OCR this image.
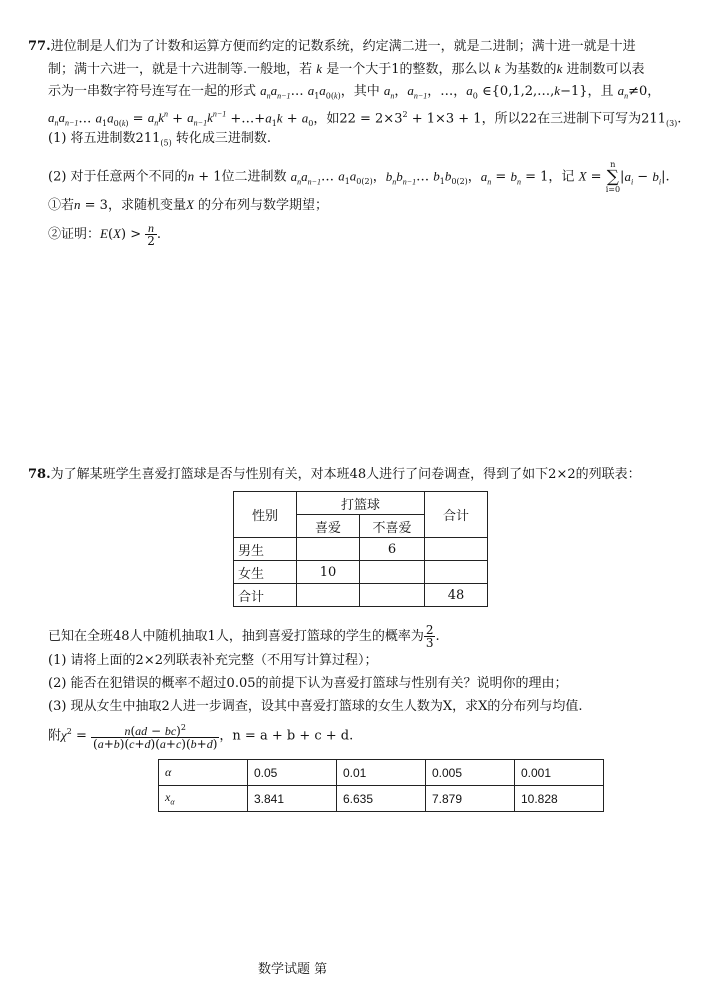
77.进位制是人们为了计数和运算方便而约定的记数系统，约定满二进一，就是二进制；满十进一就是十进
制；满十六进一，就是十六进制等.一般地，若 k 是一个大于1的整数，那么以 k 为基数的k 进制数可以表
示为一串数字符号连写在一起的形式 $a_na_{n-1}\dots$ $a_1a_{0(k)}$，其中 $a_n$，$a_{n-1}$，…，$a_0$ ∈{0,1,2,…,k−1}，且 $a_n\ne 0$，
$a_na_{n-1}\dots$ $a_1a_{0(k)} = a_nk^n + a_{n-1}k^{n-1}$ $+\dots+a_1k + a_0$，如$22 = 2\times 3^2 + 1\times 3 + 1$，所以22在三进制下可写为$211_{(3)}$.
(1) 将五进制数$211_{(5)}$ 转化成三进制数.
(2) 对于任意两个不同的n + 1位二进制数 $a_na_{n-1}\dots$ $a_1a_{0(2)}$，$b_nb_{n-1}\dots$ $b_1b_{0(2)}$，$a_n = b_n = 1$，记 X = n
∑
$i=0|a_i - b_i|$.
①若n = 3，求随机变量X 的分布列与数学期望；
②证明：$E(X) > \frac{n}{2}$ .
78.为了解某班学生喜爱打篮球是否与性别有关，对本班48人进行了问卷调查，得到了如下2×2的列联表：
性别	打篮球		合计
	喜爱	不喜爱	
男生		6	
女生	10		
合计			48
已知在全班48人中随机抽取1人，抽到喜爱打篮球的学生的概率为 $\frac{2}{3}$ .
(1) 请将上面的2×2列联表补充完整（不用写计算过程）；
(2) 能否在犯错误的概率不超过0.05的前提下认为喜爱打篮球与性别有关？说明你的理由；
(3) 现从女生中抽取2人进一步调查，设其中喜爱打篮球的女生人数为X，求X的分布列与均值.
附$\chi^2 = \frac{n(ad - bc)^2}{(a+b)(c+d)(a+c)(b+d)}$ ，n = a + b + c + d.
α	0.05	0.01	0.005	0.001
$x_\alpha$	3.841	6.635	7.879	10.828
数学试题 第
